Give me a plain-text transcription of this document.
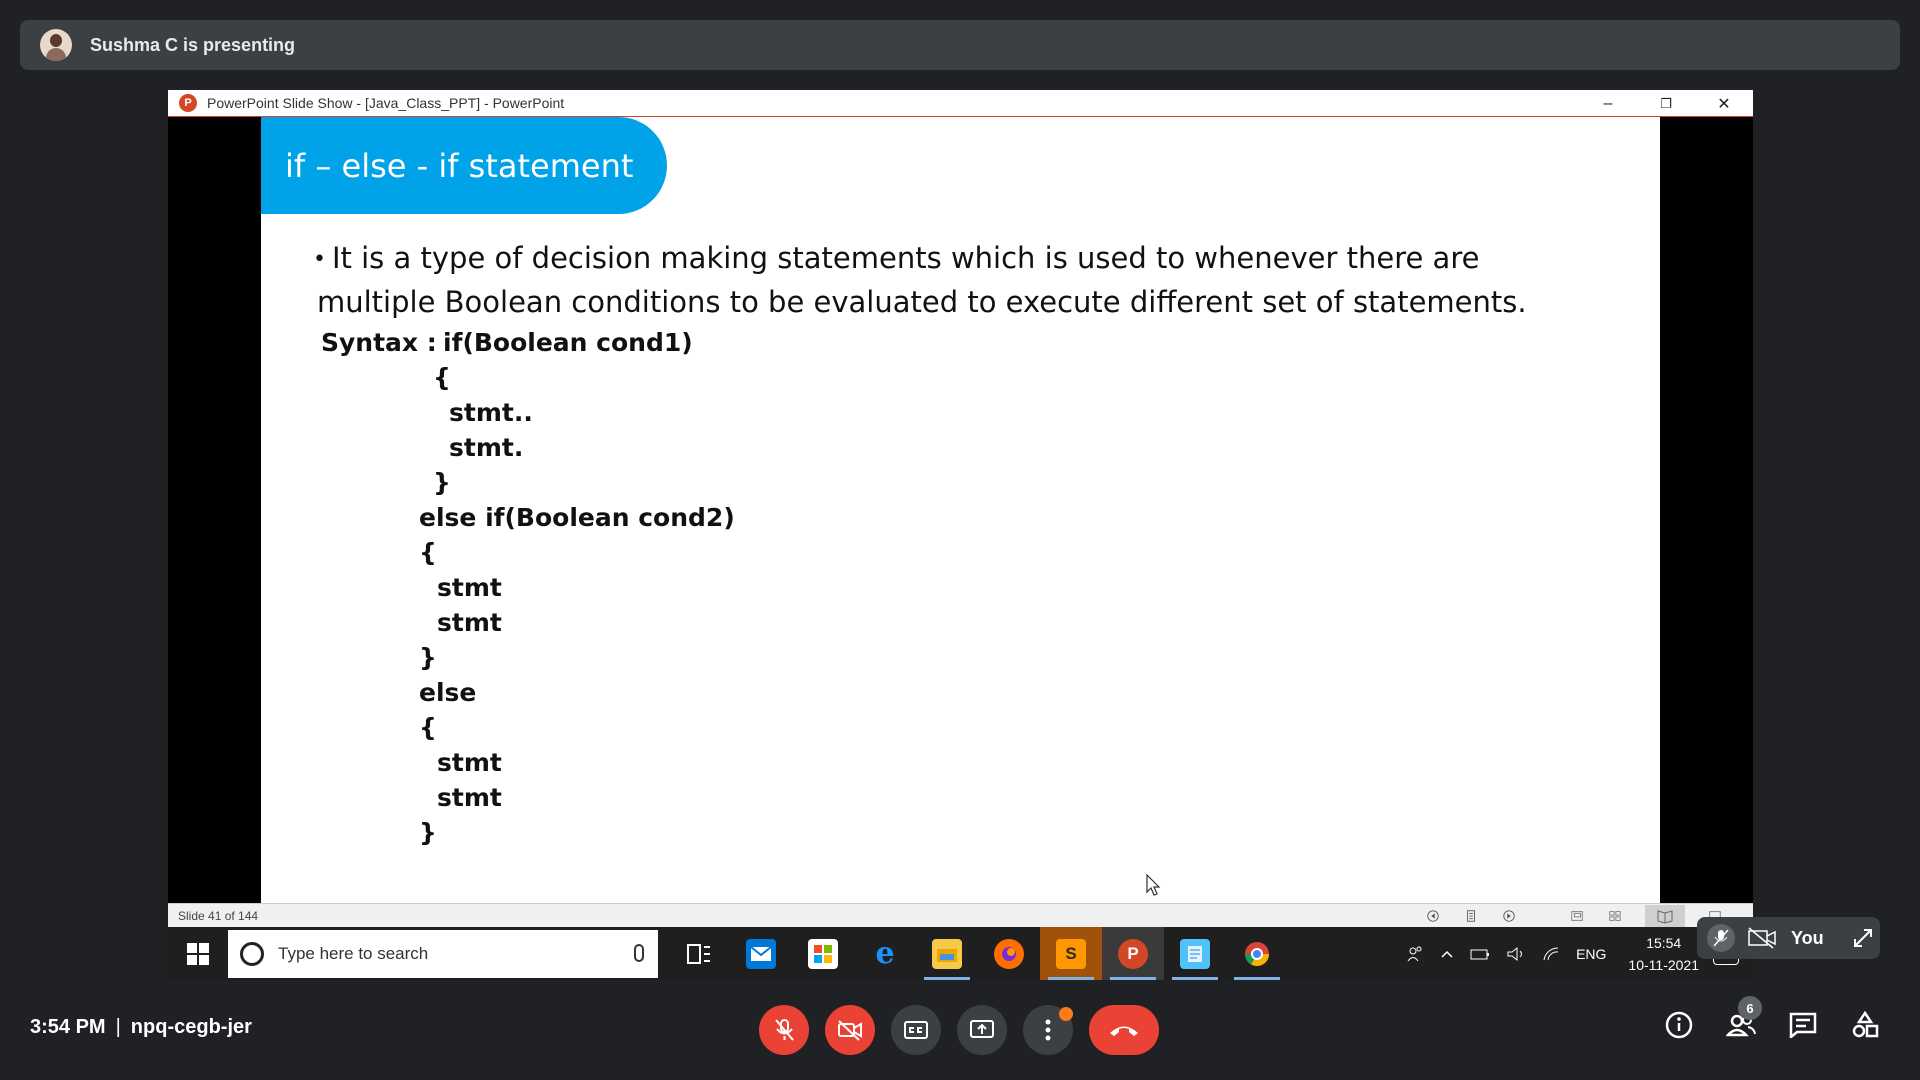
Sushma C is presenting
P	PowerPoint Slide Show - [Java_Class_PPT] - PowerPoint	–	❐	✕
if – else - if statement
• It is a type of decision making statements which is used to whenever there are
multiple Boolean conditions to be evaluated to execute different set of statements.
Syntax : if(Boolean cond1)
{
stmt..
stmt.
}
else if(Boolean cond2)
{
stmt
stmt
}
else
{
stmt
stmt
}
Slide 41 of 144
Type here to search	e	S	P	ENG
15:54
10-11-2021
You
3:54 PM | npq-cegb-jer
6
